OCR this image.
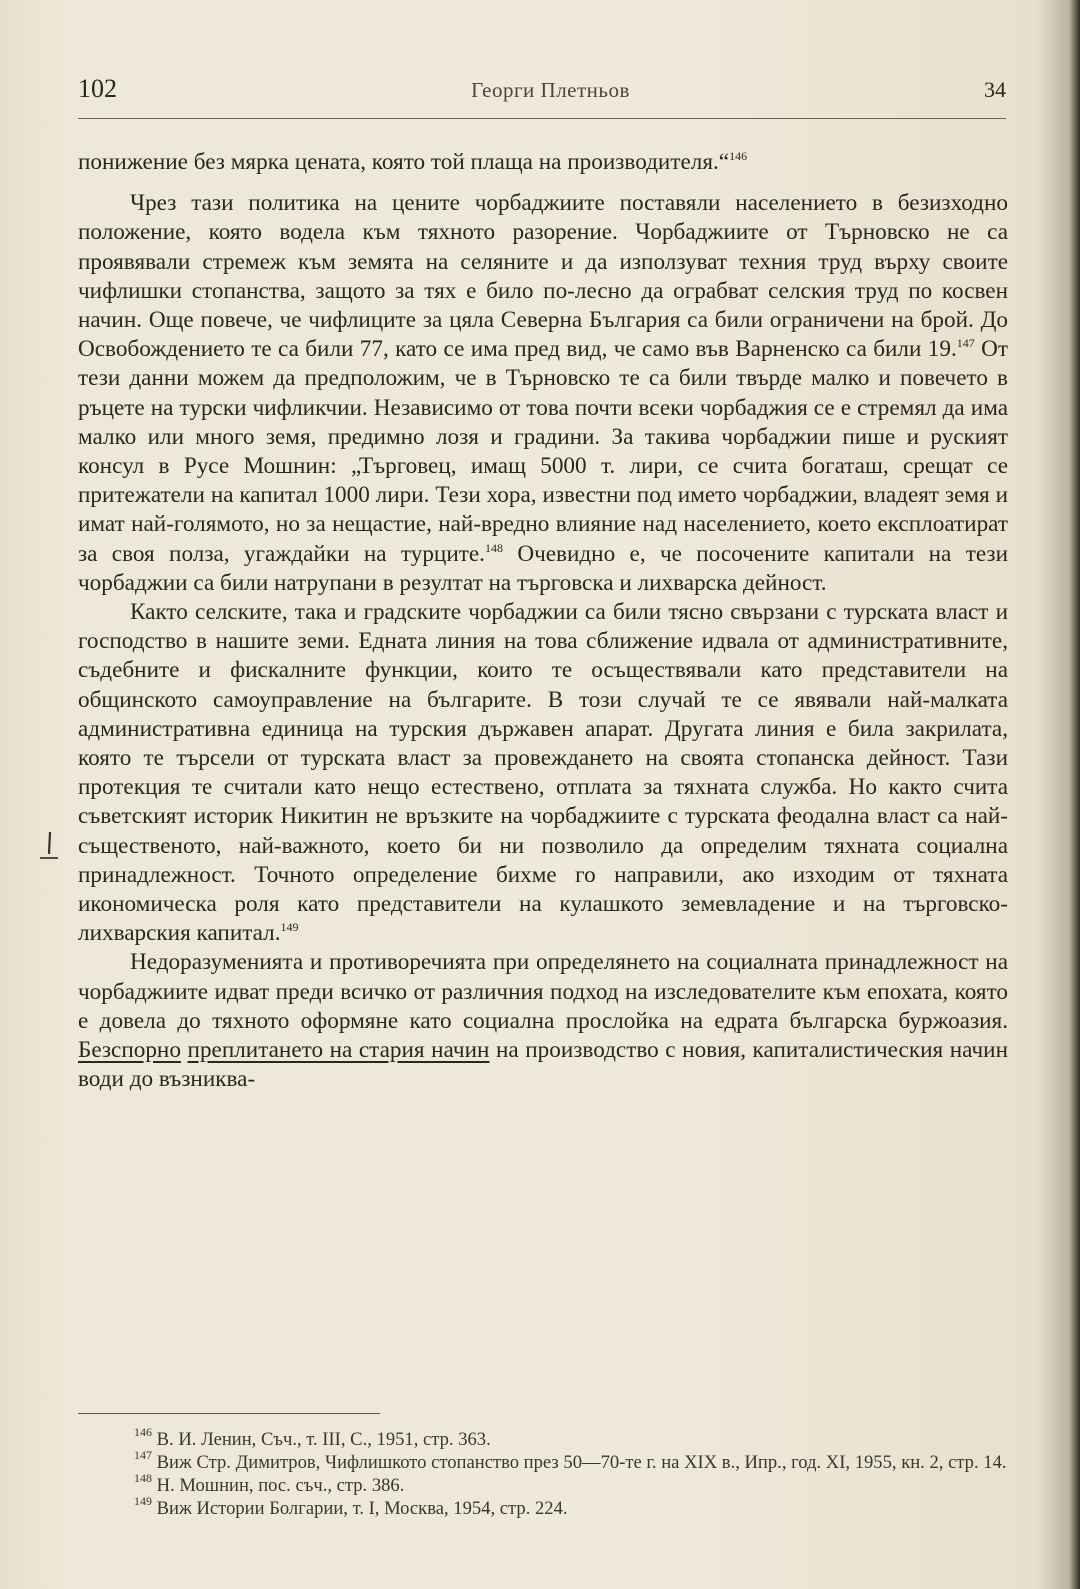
102	Георги Плетньов	34

понижение без мярка цената, която той плаща на производителя.“$^{146}$

Чрез тази политика на цените чорбаджиите поставяли населението в безизходно положение, която водела към тяхното разорение. Чорбаджиите от Търновско не са проявявали стремеж към земята на селяните и да използуват техния труд върху своите чифлишки стопанства, защото за тях е било по-лесно да ограбват селския труд по косвен начин. Още повече, че чифлиците за цяла Северна България са били ограничени на брой. До Освобождението те са били 77, като се има пред вид, че само във Варненско са били 19.$^{147}$ От тези данни можем да предположим, че в Търновско те са били твърде малко и повечето в ръцете на турски чифликчии. Независимо от това почти всеки чорбаджия се е стремял да има малко или много земя, предимно лозя и градини. За такива чорбаджии пише и руският консул в Русе Мошнин: „Търговец, имащ 5000 т. лири, се счита богаташ, срещат се притежатели на капитал 1000 лири. Тези хора, известни под името чорбаджии, владеят земя и имат най-голямото, но за нещастие, най-вредно влияние над населението, което експлоатират за своя полза, угаждайки на турците.$^{148}$ Очевидно е, че посочените капитали на тези чорбаджии са били натрупани в резултат на търговска и лихварска дейност.

Както селските, така и градските чорбаджии са били тясно свързани с турската власт и господство в нашите земи. Едната линия на това сближение идвала от административните, съдебните и фискалните функции, които те осъществявали като представители на общинското самоуправление на българите. В този случай те се явявали най-малката административна единица на турския държавен апарат. Другата линия е била закрилата, която те търсели от турската власт за провеждането на своята стопанска дейност. Тази протекция те считали като нещо естествено, отплата за тяхната служба. Но както счита съветският историк Никитин не връзките на чорбаджиите с турската феодална власт са най-същественото, най-важното, което би ни позволило да определим тяхната социална принадлежност. Точното определение бихме го направили, ако изходим от тяхната икономическа роля като представители на кулашкото земевладение и на търговско-лихварския капитал.$^{149}$

Недоразуменията и противоречията при определянето на социалната принадлежност на чорбаджиите идват преди всичко от различния подход на изследователите към епохата, която е довела до тяхното оформяне като социална прослойка на едрата българска буржоазия. Безспорно преплитането на стария начин на производство с новия, капиталистическия начин води до възниква-

$^{146}$ В. И. Ленин, Съч., т. III, С., 1951, стр. 363.

$^{147}$ Виж Стр. Димитров, Чифлишкото стопанство през 50—70-те г. на XIX в., Ипр., год. XI, 1955, кн. 2, стр. 14.

$^{148}$ Н. Мошнин, пос. съч., стр. 386.

$^{149}$ Виж Истории Болгарии, т. I, Москва, 1954, стр. 224.
